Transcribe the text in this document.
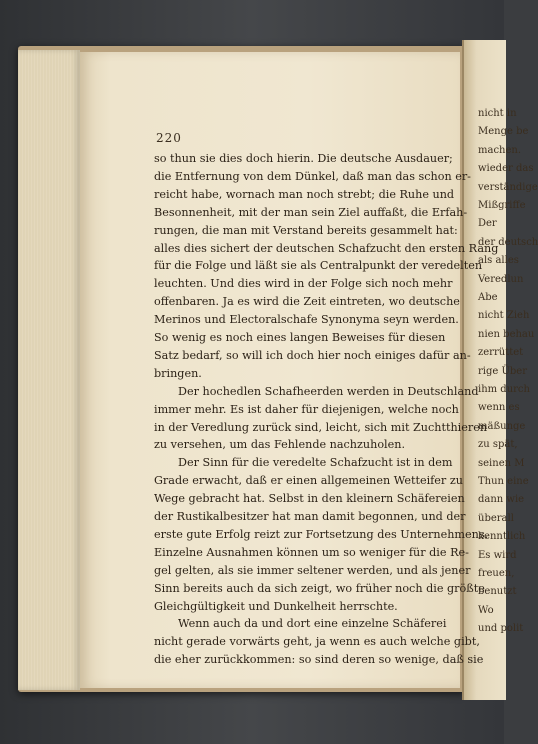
nicht in
Menge be
machen.
wieder das
verständige
Mißgriffe
Der
der deutsch
als alles
Veredlun
Abe
nicht Zieh
nien behau
zerrüttet
rige Über
ihm durch
wenn es
mäßunge
zu spät,
seinen M
Thun eine
dann wie
überall
kenntlich
Es wird
freuen,
benutzt
Wo
und polit
220
so thun sie dies doch hierin. Die deutsche Ausdauer;
die Entfernung von dem Dünkel, daß man das schon er-
reicht habe, wornach man noch strebt; die Ruhe und
Besonnenheit, mit der man sein Ziel auffaßt, die Erfah-
rungen, die man mit Verstand bereits gesammelt hat:
alles dies sichert der deutschen Schafzucht den ersten Rang
für die Folge und läßt sie als Centralpunkt der veredelten
leuchten. Und dies wird in der Folge sich noch mehr
offenbaren. Ja es wird die Zeit eintreten, wo deutsche
Merinos und Electoralschafe Synonyma seyn werden.
So wenig es noch eines langen Beweises für diesen
Satz bedarf, so will ich doch hier noch einiges dafür an-
bringen.
Der hochedlen Schafheerden werden in Deutschland
immer mehr. Es ist daher für diejenigen, welche noch
in der Veredlung zurück sind, leicht, sich mit Zuchtthieren
zu versehen, um das Fehlende nachzuholen.
Der Sinn für die veredelte Schafzucht ist in dem
Grade erwacht, daß er einen allgemeinen Wetteifer zu
Wege gebracht hat. Selbst in den kleinern Schäfereien
der Rustikalbesitzer hat man damit begonnen, und der
erste gute Erfolg reizt zur Fortsetzung des Unternehmens.
Einzelne Ausnahmen können um so weniger für die Re-
gel gelten, als sie immer seltener werden, und als jener
Sinn bereits auch da sich zeigt, wo früher noch die größte
Gleichgültigkeit und Dunkelheit herrschte.
Wenn auch da und dort eine einzelne Schäferei
nicht gerade vorwärts geht, ja wenn es auch welche gibt,
die eher zurückkommen: so sind deren so wenige, daß sie
